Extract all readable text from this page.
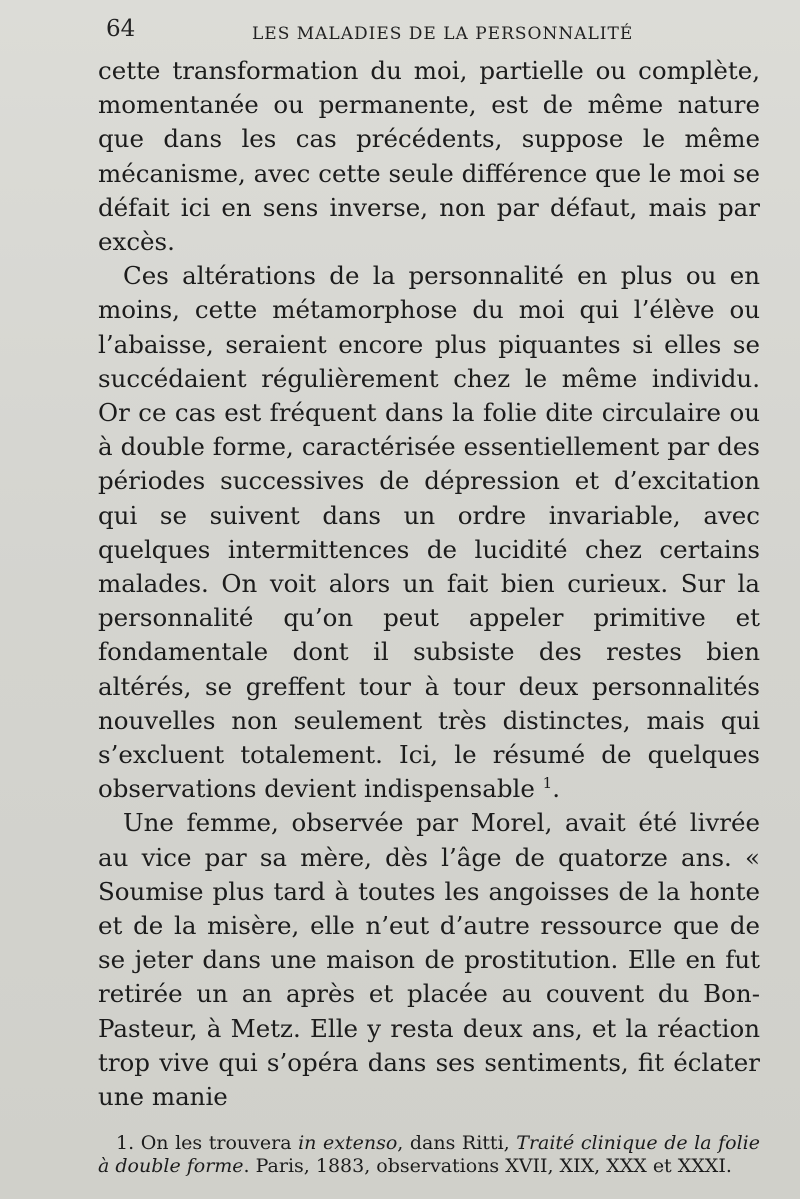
64	LES MALADIES DE LA PERSONNALITÉ

cette transformation du moi, partielle ou complète, momentanée ou permanente, est de même nature que dans les cas précédents, suppose le même mécanisme, avec cette seule différence que le moi se défait ici en sens inverse, non par défaut, mais par excès.

Ces altérations de la personnalité en plus ou en moins, cette métamorphose du moi qui l’élève ou l’abaisse, seraient encore plus piquantes si elles se succédaient régulièrement chez le même individu. Or ce cas est fréquent dans la folie dite circulaire ou à double forme, caractérisée essentiellement par des périodes successives de dépression et d’excitation qui se suivent dans un ordre invariable, avec quelques intermittences de lucidité chez certains malades. On voit alors un fait bien curieux. Sur la personnalité qu’on peut appeler primitive et fondamentale dont il subsiste des restes bien altérés, se greffent tour à tour deux personnalités nouvelles non seulement très distinctes, mais qui s’excluent totalement. Ici, le résumé de quelques observations devient indispensable $^1$.

Une femme, observée par Morel, avait été livrée au vice par sa mère, dès l’âge de quatorze ans. « Soumise plus tard à toutes les angoisses de la honte et de la misère, elle n’eut d’autre ressource que de se jeter dans une maison de prostitution. Elle en fut retirée un an après et placée au couvent du Bon-Pasteur, à Metz. Elle y resta deux ans, et la réaction trop vive qui s’opéra dans ses sentiments, fit éclater une manie

1. On les trouvera in extenso, dans Ritti, Traité clinique de la folie à double forme. Paris, 1883, observations XVII, XIX, XXX et XXXI.
